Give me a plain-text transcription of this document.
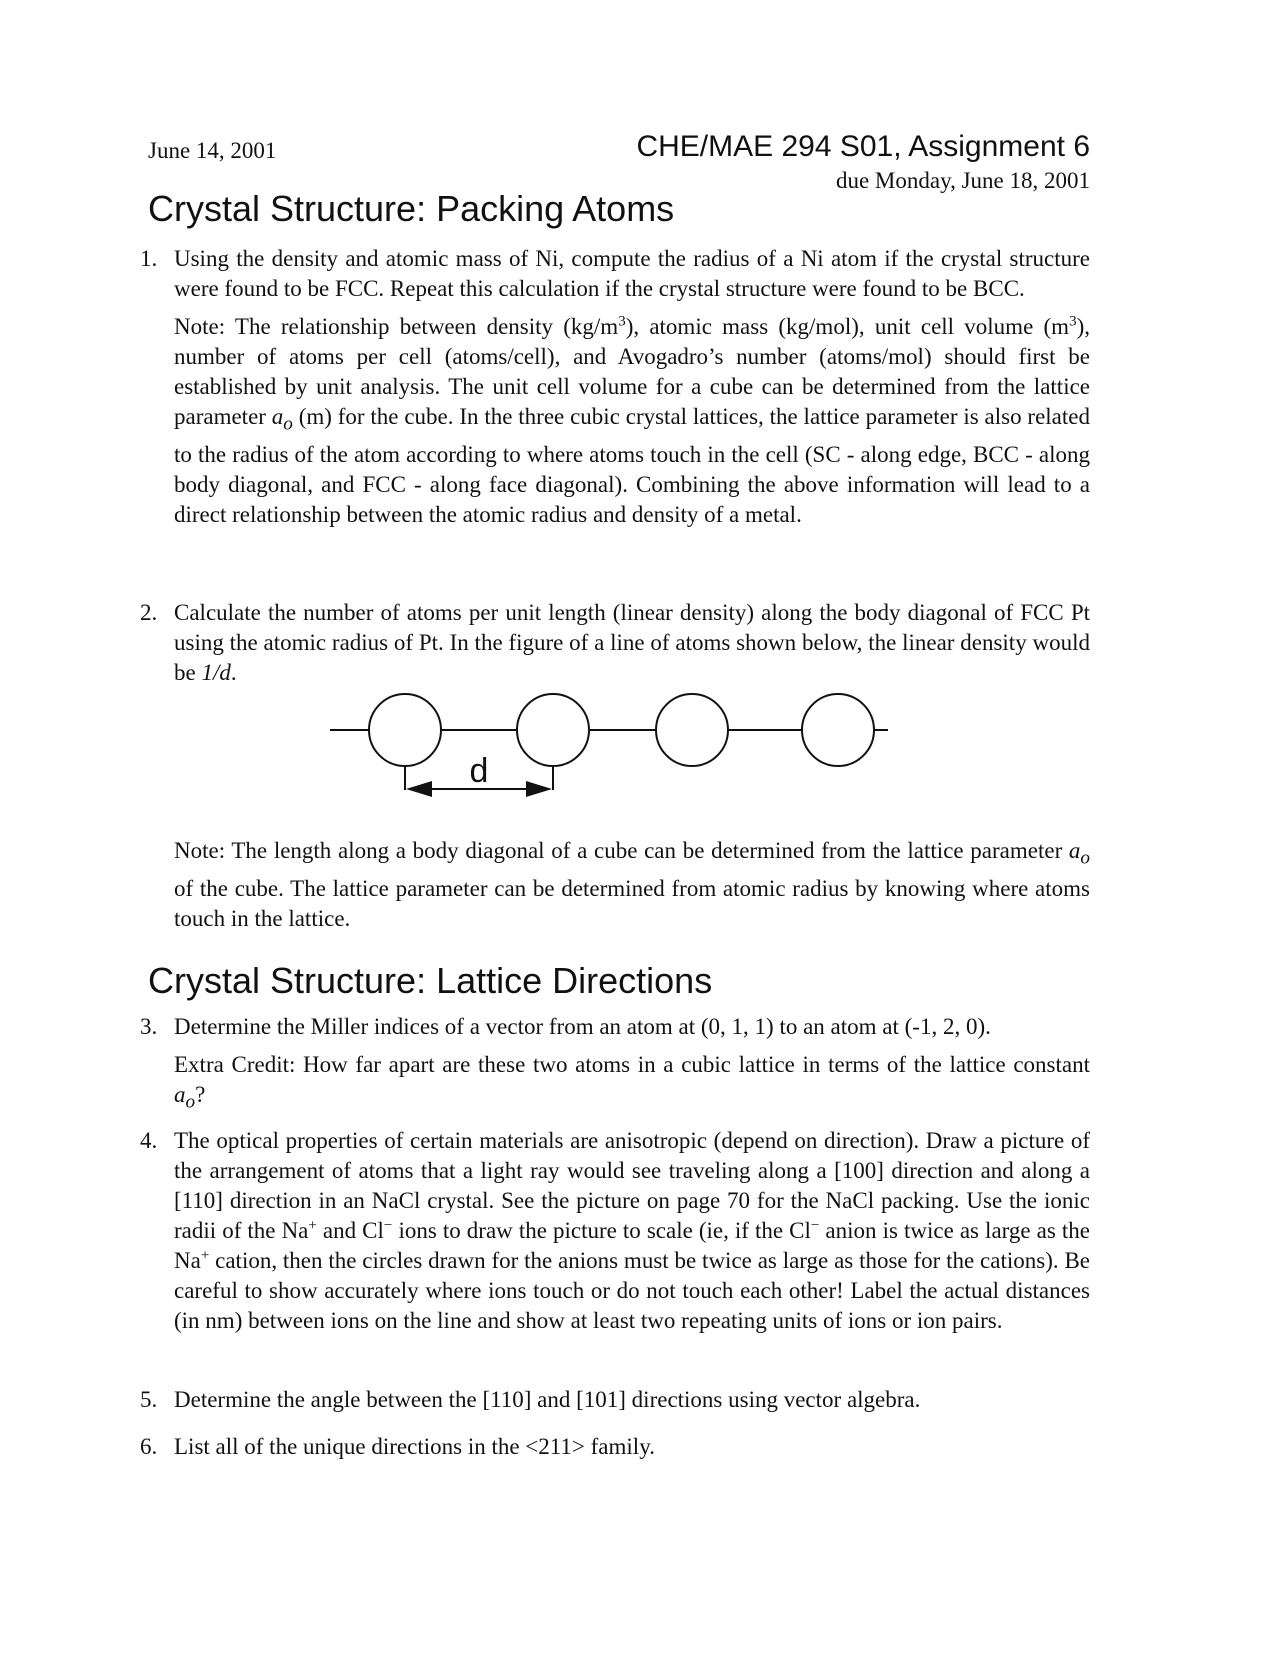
June 14, 2001	CHE/MAE 294 S01, Assignment 6
due Monday, June 18, 2001
Crystal Structure: Packing Atoms
1. Using the density and atomic mass of Ni, compute the radius of a Ni atom if the crystal structure were found to be FCC. Repeat this calculation if the crystal structure were found to be BCC.

Note: The relationship between density $(kg/m^3)$, atomic mass (kg/mol), unit cell volume $(m^3)$, number of atoms per cell (atoms/cell), and Avogadro’s number (atoms/mol) should first be established by unit analysis. The unit cell volume for a cube can be determined from the lattice parameter $a_o$ (m) for the cube. In the three cubic crystal lattices, the lattice parameter is also related to the radius of the atom according to where atoms touch in the cell (SC - along edge, BCC - along body diagonal, and FCC - along face diagonal). Combining the above information will lead to a direct relationship between the atomic radius and density of a metal.

2. Calculate the number of atoms per unit length (linear density) along the body diagonal of FCC Pt using the atomic radius of Pt. In the figure of a line of atoms shown below, the linear density would be 1/d.

d

Note: The length along a body diagonal of a cube can be determined from the lattice parameter $a_o$ of the cube. The lattice parameter can be determined from atomic radius by knowing where atoms touch in the lattice.

Crystal Structure: Lattice Directions
3. Determine the Miller indices of a vector from an atom at (0, 1, 1) to an atom at (-1, 2, 0).

Extra Credit: How far apart are these two atoms in a cubic lattice in terms of the lattice constant $a_o$?

4. The optical properties of certain materials are anisotropic (depend on direction). Draw a picture of the arrangement of atoms that a light ray would see traveling along a [100] direction and along a [110] direction in an NaCl crystal. See the picture on page 70 for the NaCl packing. Use the ionic radii of the Na+ and Cl− ions to draw the picture to scale (ie, if the Cl− anion is twice as large as the Na+ cation, then the circles drawn for the anions must be twice as large as those for the cations). Be careful to show accurately where ions touch or do not touch each other! Label the actual distances (in nm) between ions on the line and show at least two repeating units of ions or ion pairs.

5. Determine the angle between the [110] and [101] directions using vector algebra.

6. List all of the unique directions in the <211> family.
